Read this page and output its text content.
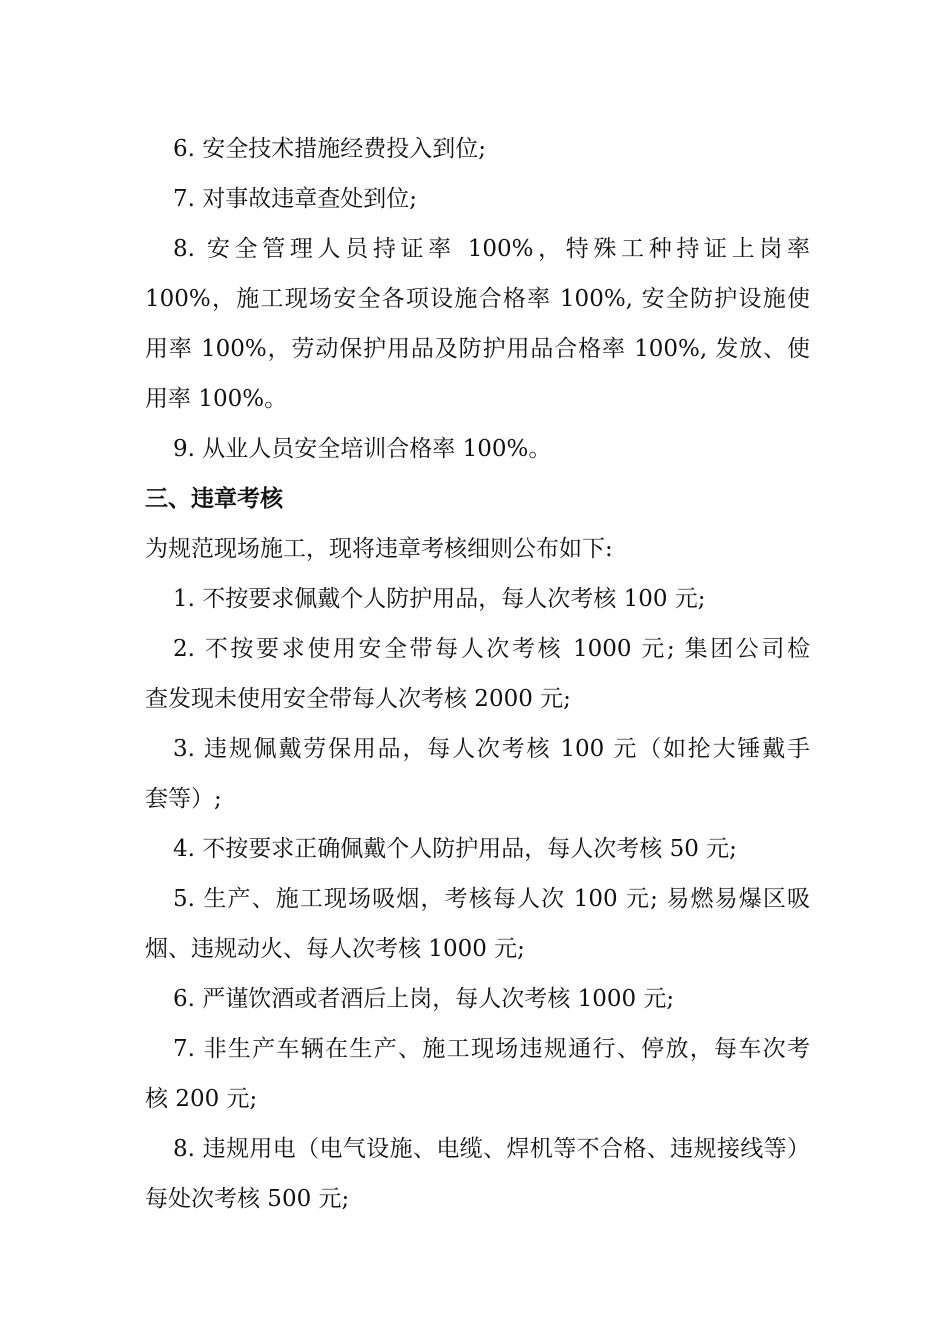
6. 安全技术措施经费投入到位;
7. 对事故违章查处到位;
8. 安全管理人员持证率 100%，特殊工种持证上岗率
100%，施工现场安全各项设施合格率 100%, 安全防护设施使
用率 100%，劳动保护用品及防护用品合格率 100%, 发放、使
用率 100%。
9. 从业人员安全培训合格率 100%。
三、违章考核
为规范现场施工，现将违章考核细则公布如下:
1. 不按要求佩戴个人防护用品，每人次考核 100 元;
2. 不按要求使用安全带每人次考核 1000 元; 集团公司检
查发现未使用安全带每人次考核 2000 元;
3. 违规佩戴劳保用品，每人次考核 100 元（如抡大锤戴手
套等）;
4. 不按要求正确佩戴个人防护用品，每人次考核 50 元;
5. 生产、施工现场吸烟，考核每人次 100 元; 易燃易爆区吸
烟、违规动火、每人次考核 1000 元;
6. 严谨饮酒或者酒后上岗，每人次考核 1000 元;
7. 非生产车辆在生产、施工现场违规通行、停放，每车次考
核 200 元;
8. 违规用电（电气设施、电缆、焊机等不合格、违规接线等）
每处次考核 500 元;
